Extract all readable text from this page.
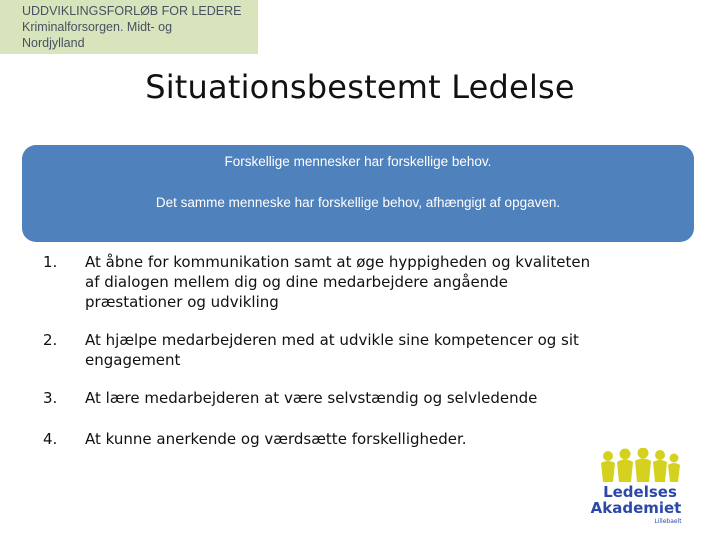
UDDVIKLINGSFORLØB FOR LEDERE
Kriminalforsorgen. Midt- og
Nordjylland
Situationsbestemt Ledelse
Forskellige mennesker har forskellige behov.
Det samme menneske har forskellige behov, afhængigt af opgaven.
1.	At åbne for kommunikation samt at øge hyppigheden og kvaliteten
af dialogen mellem dig og dine medarbejdere angående
præstationer og udvikling
2.	At hjælpe medarbejderen med at udvikle sine kompetencer og sit
engagement
3.	At lære medarbejderen at være selvstændig og selvledende
4.	At kunne anerkende og værdsætte forskelligheder.
Ledelses
Akademiet
Lillebaelt
